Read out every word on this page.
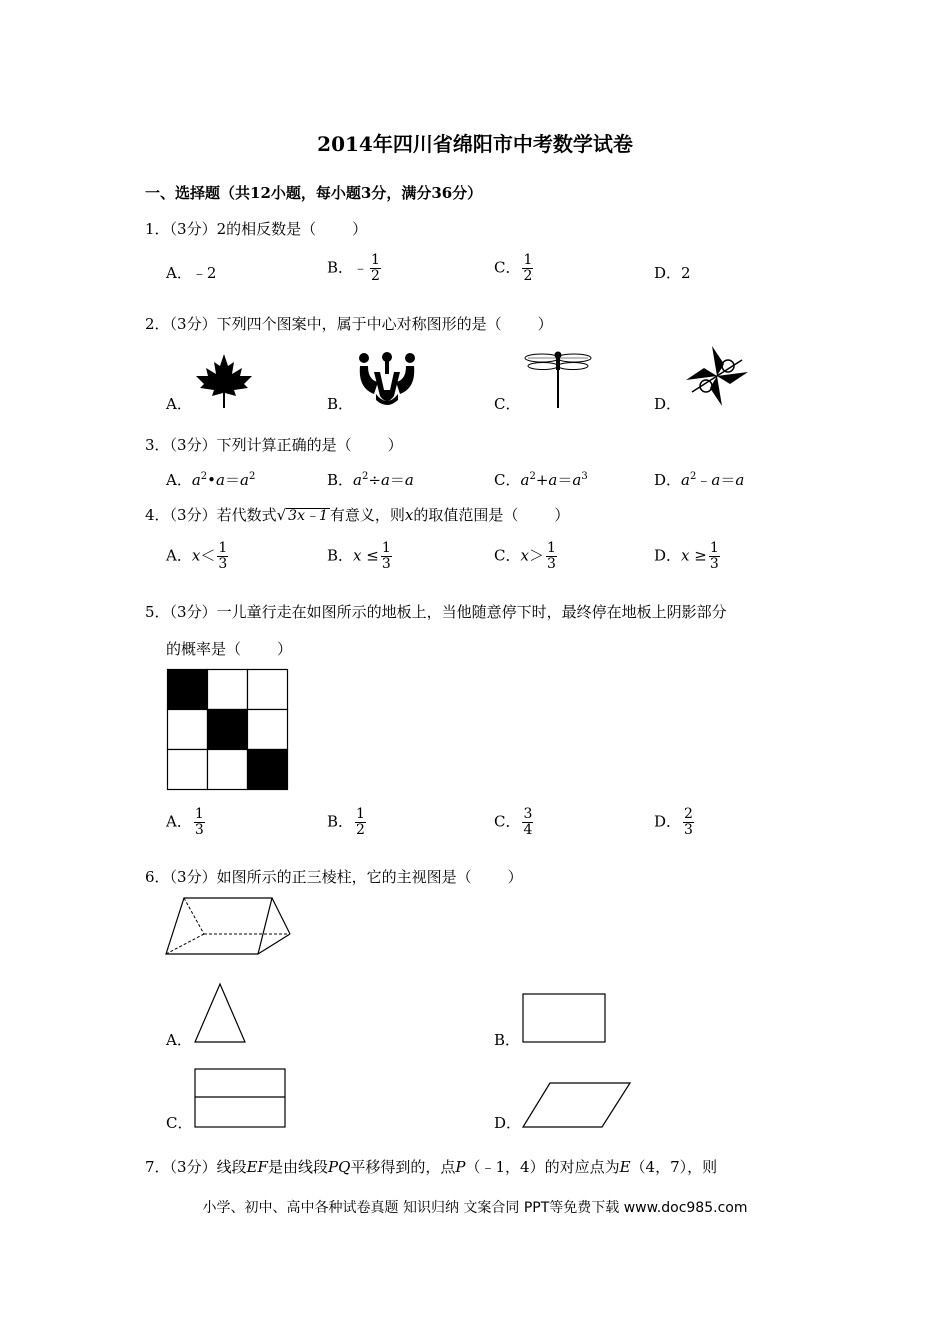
2014年四川省绵阳市中考数学试卷
一、选择题（共12小题，每小题3分，满分36分）
1．（3分）2的相反数是（ ）
A．﹣2	B．﹣ $\frac{1}{2}$	C． $\frac{1}{2}$	D．2
2．（3分）下列四个图案中，属于中心对称图形的是（ ）
A．	B．	C．	D．
3．（3分）下列计算正确的是（ ）
A．$a^2•a=a^2$	B．$a^2\div a=a$	C．$a^2+a=a^3$	D．$a^2﹣a=a$
4．（3分）若代数式√ 3x﹣1 有意义，则x的取值范围是（ ）
A．$x< \frac{1}{3}$	B．$x \le \frac{1}{3}$	C．$x> \frac{1}{3}$	D．$x \ge \frac{1}{3}$
5．（3分）一儿童行走在如图所示的地板上，当他随意停下时，最终停在地板上阴影部分
的概率是（ ）
A． $\frac{1}{3}$	B． $\frac{1}{2}$	C． $\frac{3}{4}$	D． $\frac{2}{3}$
6．（3分）如图所示的正三棱柱，它的主视图是（ ）
A．	B．
C．	D．
7．（3分）线段EF是由线段PQ平移得到的，点P（﹣1，4）的对应点为E（4，7），则
小学、初中、高中各种试卷真题 知识归纳 文案合同 PPT等免费下载 www.doc985.com
